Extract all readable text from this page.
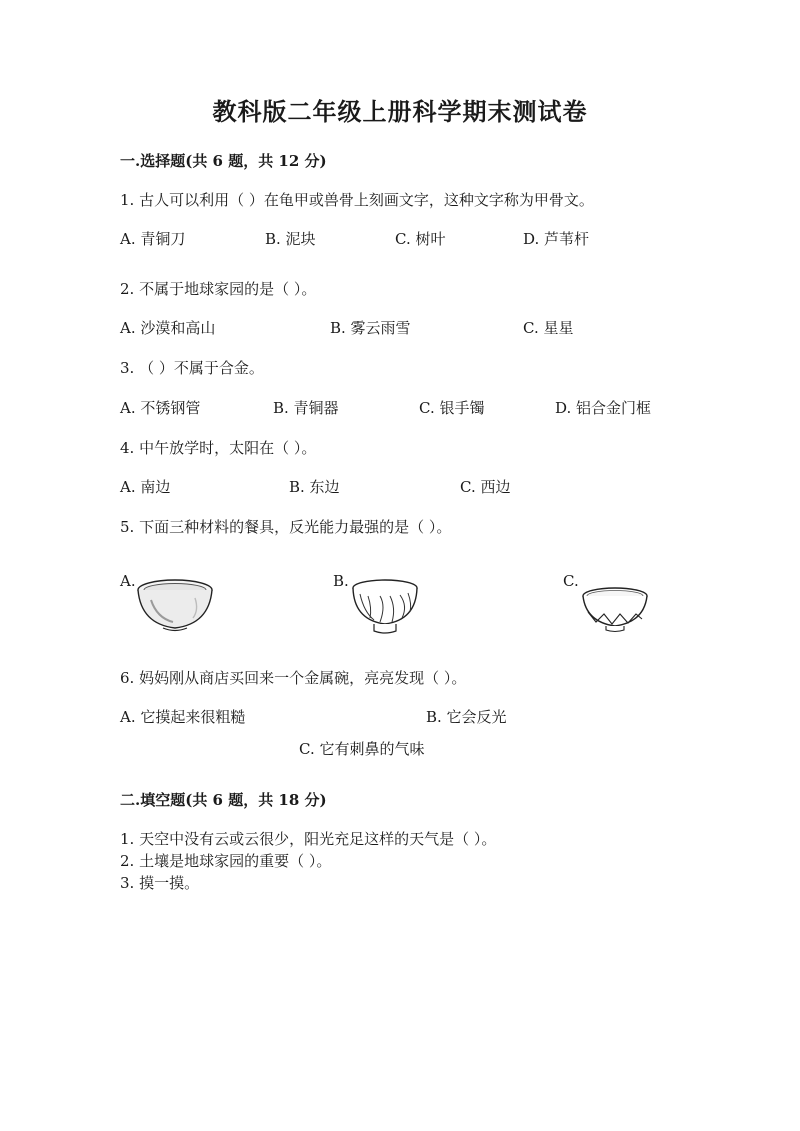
教科版二年级上册科学期末测试卷
一.选择题(共 6 题，共 12 分)
1. 古人可以利用（ ）在龟甲或兽骨上刻画文字，这种文字称为甲骨文。
A. 青铜刀	B. 泥块	C. 树叶	D. 芦苇杆
2. 不属于地球家园的是（ ）。
A. 沙漠和高山	B. 雾云雨雪	C. 星星
3. （ ）不属于合金。
A. 不锈钢管	B. 青铜器	C. 银手镯	D. 铝合金门框
4. 中午放学时，太阳在（ ）。
A. 南边	B. 东边	C. 西边
5. 下面三种材料的餐具，反光能力最强的是（ ）。
A.	B.	C.
6. 妈妈刚从商店买回来一个金属碗，亮亮发现（ ）。
A. 它摸起来很粗糙	B. 它会反光
C. 它有刺鼻的气味
二.填空题(共 6 题，共 18 分)
1. 天空中没有云或云很少，阳光充足这样的天气是（ ）。
2. 土壤是地球家园的重要（ ）。
3. 摸一摸。
